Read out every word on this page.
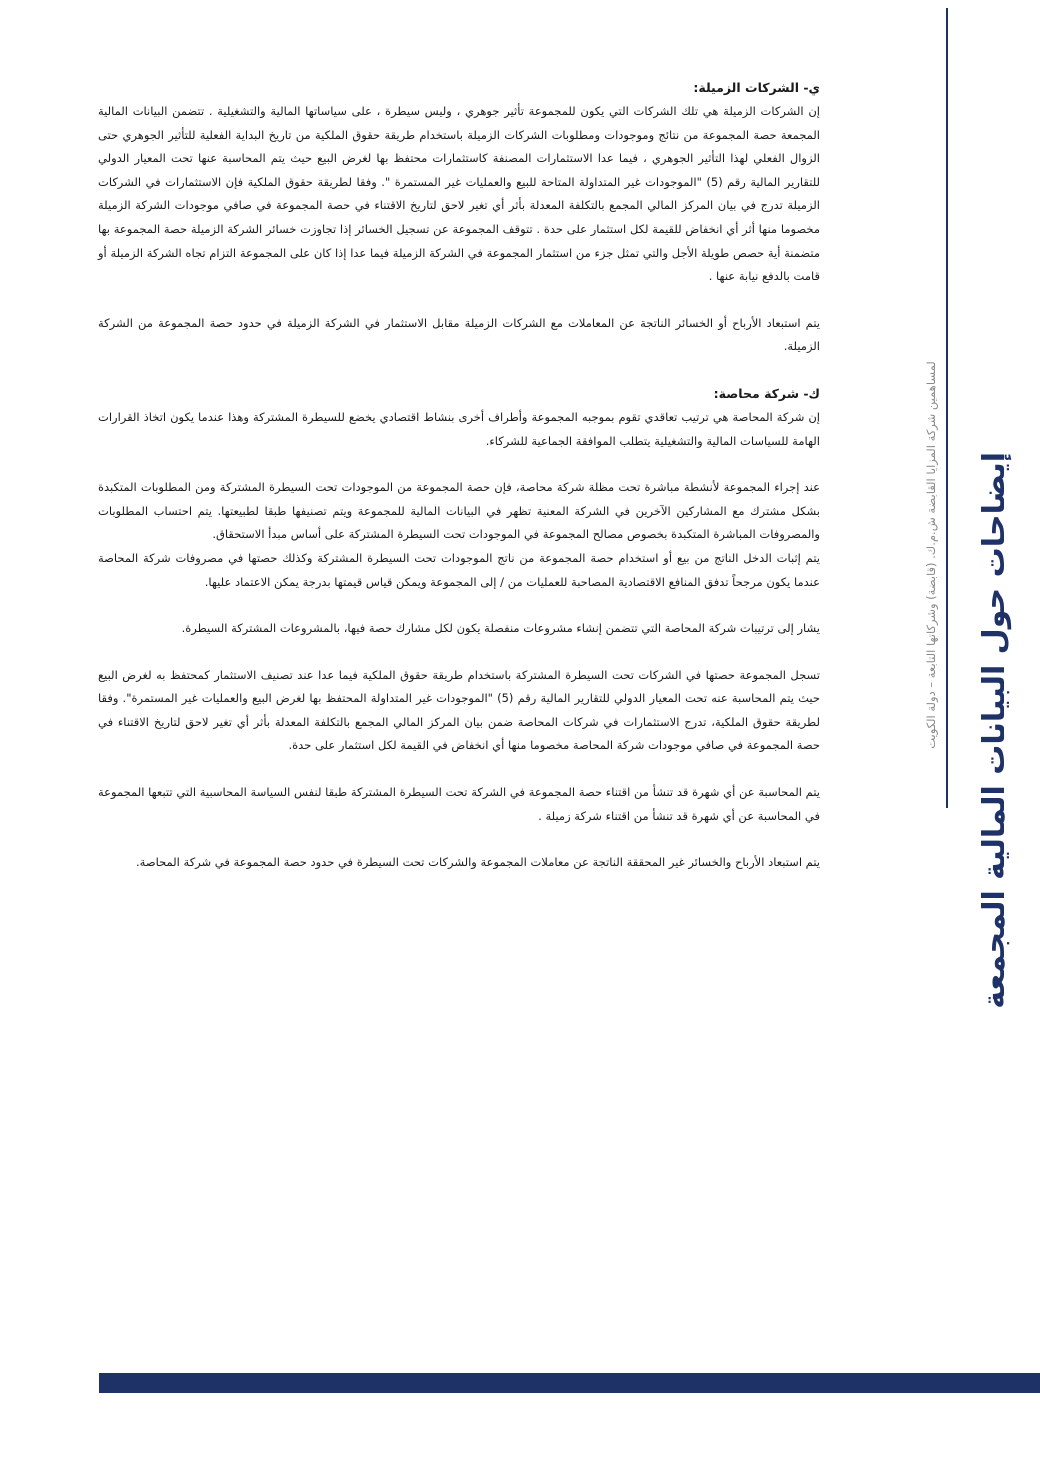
إيضاحات حول البيانات المالية المجمعة
لمساهمين شركة المزايا القابضة ش.م.ك. (قابضة) وشركاتها التابعة – دولة الكويت

ي- الشركات الزميلة:

إن الشركات الزميلة هي تلك الشركات التي يكون للمجموعة تأثير جوهري ، وليس سيطرة ، على سياساتها المالية والتشغيلية . تتضمن البيانات المالية المجمعة حصة المجموعة من نتائج وموجودات ومطلوبات الشركات الزميلة باستخدام طريقة حقوق الملكية من تاريخ البداية الفعلية للتأثير الجوهري حتى الزوال الفعلي لهذا التأثير الجوهري ، فيما عدا الاستثمارات المصنفة كاستثمارات محتفظ بها لغرض البيع حيث يتم المحاسبة عنها تحت المعيار الدولي للتقارير المالية رقم (5) "الموجودات غير المتداولة المتاحة للبيع والعمليات غير المستمرة ". وفقا لطريقة حقوق الملكية فإن الاستثمارات في الشركات الزميلة تدرج في بيان المركز المالي المجمع بالتكلفة المعدلة بأثر أي تغير لاحق لتاريخ الاقتناء في حصة المجموعة في صافي موجودات الشركة الزميلة مخصوما منها أثر أي انخفاض للقيمة لكل استثمار على حدة . تتوقف المجموعة عن تسجيل الخسائر إذا تجاوزت خسائر الشركة الزميلة حصة المجموعة بها متضمنة أية حصص طويلة الأجل والتي تمثل جزء من استثمار المجموعة في الشركة الزميلة فيما عدا إذا كان على المجموعة التزام تجاه الشركة الزميلة أو قامت بالدفع نيابة عنها .

يتم استبعاد الأرباح أو الخسائر الناتجة عن المعاملات مع الشركات الزميلة مقابل الاستثمار في الشركة الزميلة في حدود حصة المجموعة من الشركة الزميلة.

ك- شركة محاصة:

إن شركة المحاصة هي ترتيب تعاقدي تقوم بموجبه المجموعة وأطراف أخرى بنشاط اقتصادي يخضع للسيطرة المشتركة وهذا عندما يكون اتخاذ القرارات الهامة للسياسات المالية والتشغيلية يتطلب الموافقة الجماعية للشركاء.

عند إجراء المجموعة لأنشطة مباشرة تحت مظلة شركة محاصة، فإن حصة المجموعة من الموجودات تحت السيطرة المشتركة ومن المطلوبات المتكبدة بشكل مشترك مع المشاركين الآخرين في الشركة المعنية تظهر في البيانات المالية للمجموعة ويتم تصنيفها طبقا لطبيعتها. يتم احتساب المطلوبات والمصروفات المباشرة المتكبدة بخصوص مصالح المجموعة في الموجودات تحت السيطرة المشتركة على أساس مبدأ الاستحقاق.

يتم إثبات الدخل الناتج من بيع أو استخدام حصة المجموعة من ناتج الموجودات تحت السيطرة المشتركة وكذلك حصتها في مصروفات شركة المحاصة عندما يكون مرجحاً تدفق المنافع الاقتصادية المصاحبة للعمليات من / إلى المجموعة ويمكن قياس قيمتها بدرجة يمكن الاعتماد عليها.

يشار إلى ترتيبات شركة المحاصة التي تتضمن إنشاء مشروعات منفصلة يكون لكل مشارك حصة فيها، بالمشروعات المشتركة السيطرة.

تسجل المجموعة حصتها في الشركات تحت السيطرة المشتركة باستخدام طريقة حقوق الملكية فيما عدا عند تصنيف الاستثمار كمحتفظ به لغرض البيع حيث يتم المحاسبة عنه تحت المعيار الدولي للتقارير المالية رقم (5) "الموجودات غير المتداولة المحتفظ بها لغرض البيع والعمليات غير المستمرة". وفقا لطريقة حقوق الملكية، تدرج الاستثمارات في شركات المحاصة ضمن بيان المركز المالي المجمع بالتكلفة المعدلة بأثر أي تغير لاحق لتاريخ الاقتناء في حصة المجموعة في صافي موجودات شركة المحاصة مخصوما منها أي انخفاض في القيمة لكل استثمار على حدة.

يتم المحاسبة عن أي شهرة قد تنشأ من اقتناء حصة المجموعة في الشركة تحت السيطرة المشتركة طبقا لنفس السياسة المحاسبية التي تتبعها المجموعة في المحاسبة عن أي شهرة قد تنشأ من اقتناء شركة زميلة .

يتم استبعاد الأرباح والخسائر غير المحققة الناتجة عن معاملات المجموعة والشركات تحت السيطرة في حدود حصة المجموعة في شركة المحاصة.
